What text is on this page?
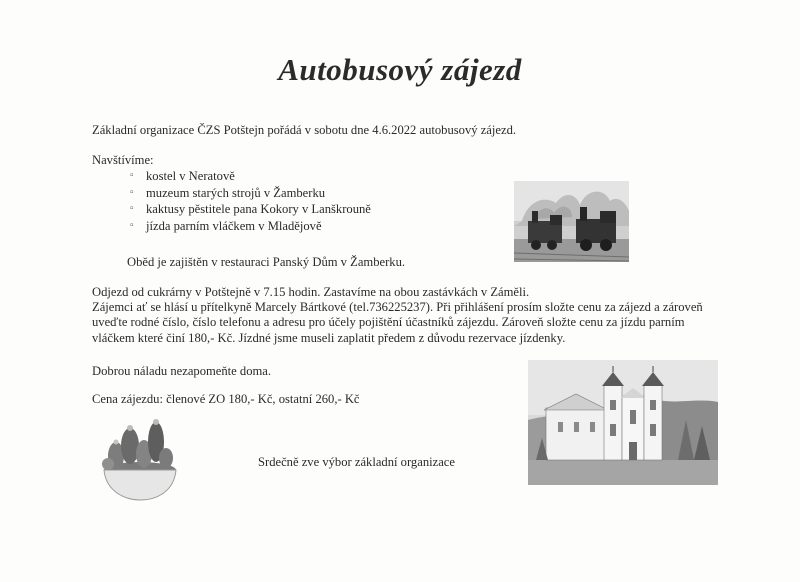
Autobusový zájezd
Základní organizace ČZS Potštejn pořádá v sobotu dne 4.6.2022 autobusový zájezd.
Navštívíme:
▫ kostel v Neratově
▫ muzeum starých strojů v Žamberku
▫ kaktusy pěstitele pana Kokory v Lanškrouně
▫ jízda parním vláčkem v Mladějově
Oběd je zajištěn v restauraci Panský Dům v Žamberku.
Odjezd od cukrárny v Potštejně v 7.15 hodin. Zastavíme na obou zastávkách v Záměli.
Zájemci ať se hlásí u přítelkyně Marcely Bártkové (tel.736225237). Při přihlášení prosím složte cenu za zájezd a zároveň
uveďte rodné číslo, číslo telefonu a adresu pro účely pojištění účastníků zájezdu. Zároveň složte cenu za jízdu parním
vláčkem které činí 180,- Kč. Jízdné jsme museli zaplatit předem z důvodu rezervace jízdenky.
Dobrou náladu nezapomeňte doma.
Cena zájezdu: členové ZO 180,- Kč, ostatní 260,- Kč
Srdečně zve výbor základní organizace
